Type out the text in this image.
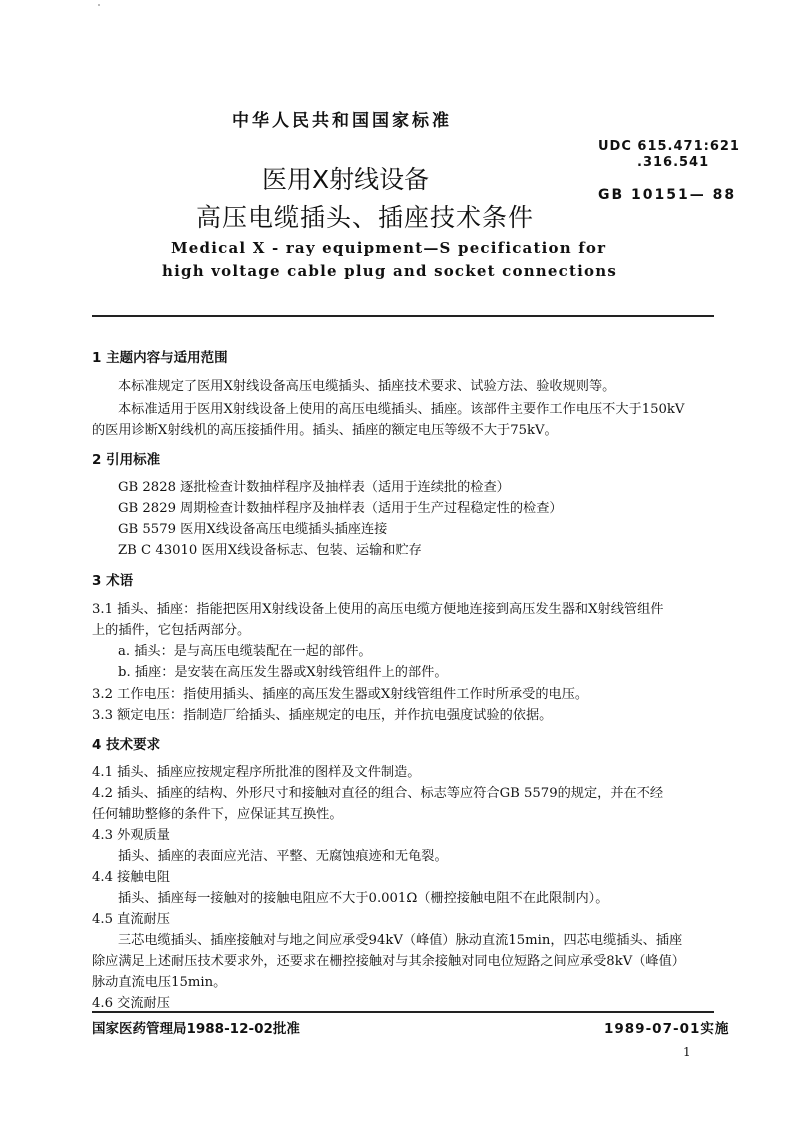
中华人民共和国国家标准
医用X射线设备
高压电缆插头、插座技术条件
Medical X - ray equipment—S pecification for
high voltage cable plug and socket connections
UDC 615.471:621
.316.541
GB 10151— 88
1 主题内容与适用范围
本标准规定了医用X射线设备高压电缆插头、插座技术要求、试验方法、验收规则等。
本标准适用于医用X射线设备上使用的高压电缆插头、插座。该部件主要作工作电压不大于150kV
的医用诊断X射线机的高压接插件用。插头、插座的额定电压等级不大于75kV。
2 引用标准
GB 2828 逐批检查计数抽样程序及抽样表（适用于连续批的检查）
GB 2829 周期检查计数抽样程序及抽样表（适用于生产过程稳定性的检查）
GB 5579 医用X线设备高压电缆插头插座连接
ZB C 43010 医用X线设备标志、包装、运输和贮存
3 术语
3.1 插头、插座：指能把医用X射线设备上使用的高压电缆方便地连接到高压发生器和X射线管组件
上的插件，它包括两部分。
a. 插头：是与高压电缆装配在一起的部件。
b. 插座：是安装在高压发生器或X射线管组件上的部件。
3.2 工作电压：指使用插头、插座的高压发生器或X射线管组件工作时所承受的电压。
3.3 额定电压：指制造厂给插头、插座规定的电压，并作抗电强度试验的依据。
4 技术要求
4.1 插头、插座应按规定程序所批准的图样及文件制造。
4.2 插头、插座的结构、外形尺寸和接触对直径的组合、标志等应符合GB 5579的规定，并在不经
任何辅助整修的条件下，应保证其互换性。
4.3 外观质量
插头、插座的表面应光洁、平整、无腐蚀痕迹和无龟裂。
4.4 接触电阻
插头、插座每一接触对的接触电阻应不大于0.001Ω（栅控接触电阻不在此限制内）。
4.5 直流耐压
三芯电缆插头、插座接触对与地之间应承受94kV（峰值）脉动直流15min，四芯电缆插头、插座
除应满足上述耐压技术要求外，还要求在栅控接触对与其余接触对同电位短路之间应承受8kV（峰值）
脉动直流电压15min。
4.6 交流耐压
国家医药管理局1988-12-02批准	1989-07-01实施
1
